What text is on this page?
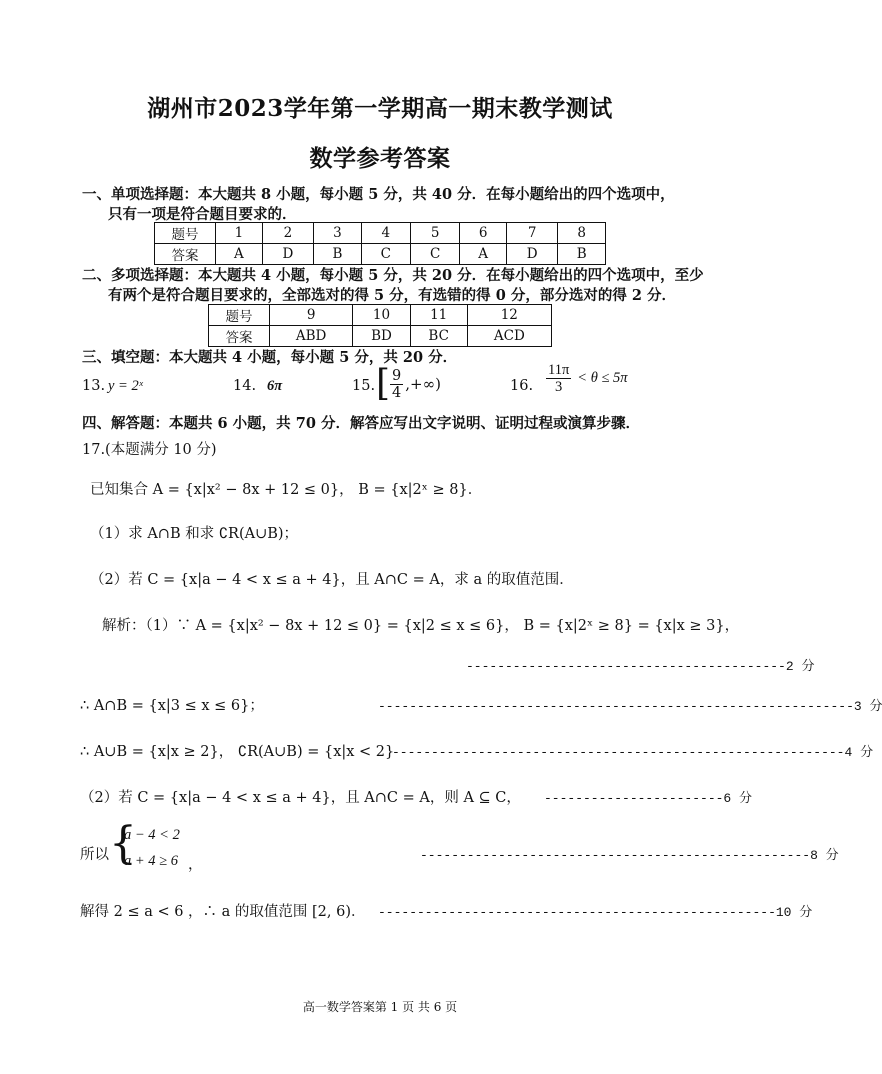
湖州市2023学年第一学期高一期末教学测试
数学参考答案
一、单项选择题：本大题共 8 小题，每小题 5 分，共 40 分．在每小题给出的四个选项中，
只有一项是符合题目要求的．
题号	1	2	3	4	5	6	7	8
答案	A	D	B	C	C	A	D	B
二、多项选择题：本大题共 4 小题，每小题 5 分，共 20 分．在每小题给出的四个选项中，至少
有两个是符合题目要求的，全部选对的得 5 分，有选错的得 0 分，部分选对的得 2 分．
题号	9	10	11	12
答案	ABD	BD	BC	ACD
三、填空题：本大题共 4 小题，每小题 5 分，共 20 分．
13. y = 2ˣ	14. 6π	15. [ $\frac{9}{4}$ ,+∞)	16. $\frac{11\pi}{3} < \theta \le 5\pi$
四、解答题：本题共 6 小题，共 70 分．解答应写出文字说明、证明过程或演算步骤．
17.(本题满分 10 分)
已知集合 A = {x|x² − 8x + 12 ≤ 0}， B = {x|2ˣ ≥ 8}．
（1）求 A∩B 和求 ∁R(A∪B)；
（2）若 C = {x|a − 4 < x ≤ a + 4}，且 A∩C = A，求 a 的取值范围．
解析：（1）∵ A = {x|x² − 8x + 12 ≤ 0} = {x|2 ≤ x ≤ 6}， B = {x|2ˣ ≥ 8} = {x|x ≥ 3}，
-----------------------------------------2 分
∴ A∩B = {x|3 ≤ x ≤ 6}；	-------------------------------------------------------------3 分
∴ A∪B = {x|x ≥ 2}， ∁R(A∪B) = {x|x < 2}
----------------------------------------------------------4 分
（2）若 C = {x|a − 4 < x ≤ a + 4}，且 A∩C = A，则 A ⊆ C， -----------------------6 分
所以 {
a − 4 < 2
a + 4 ≥ 6 ，
--------------------------------------------------8 分
解得 2 ≤ a < 6 ，∴ a 的取值范围 [2, 6)． ---------------------------------------------------10 分
高一数学答案第 1 页 共 6 页
